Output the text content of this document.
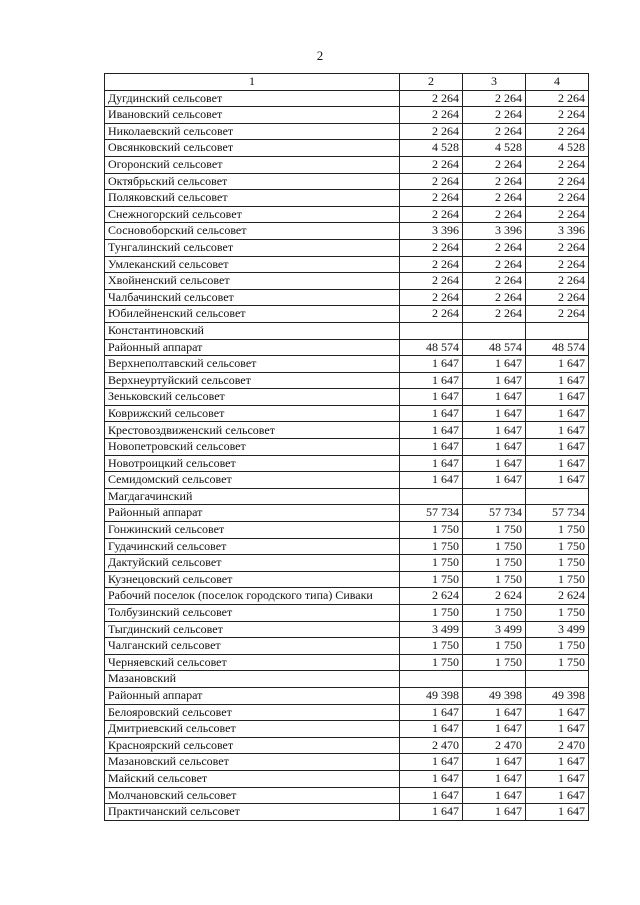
2
1	2	3	4
Дугдинский сельсовет	2 264	2 264	2 264
Ивановский сельсовет	2 264	2 264	2 264
Николаевский сельсовет	2 264	2 264	2 264
Овсянковский сельсовет	4 528	4 528	4 528
Огоронский сельсовет	2 264	2 264	2 264
Октябрьский сельсовет	2 264	2 264	2 264
Поляковский сельсовет	2 264	2 264	2 264
Снежногорский сельсовет	2 264	2 264	2 264
Сосновоборский сельсовет	3 396	3 396	3 396
Тунгалинский сельсовет	2 264	2 264	2 264
Умлеканский сельсовет	2 264	2 264	2 264
Хвойненский сельсовет	2 264	2 264	2 264
Чалбачинский сельсовет	2 264	2 264	2 264
Юбилейненский сельсовет	2 264	2 264	2 264
Константиновский			
Районный аппарат	48 574	48 574	48 574
Верхнеполтавский сельсовет	1 647	1 647	1 647
Верхнеуртуйский сельсовет	1 647	1 647	1 647
Зеньковский сельсовет	1 647	1 647	1 647
Коврижский сельсовет	1 647	1 647	1 647
Крестовоздвиженский сельсовет	1 647	1 647	1 647
Новопетровский сельсовет	1 647	1 647	1 647
Новотроицкий сельсовет	1 647	1 647	1 647
Семидомский сельсовет	1 647	1 647	1 647
Магдагачинский			
Районный аппарат	57 734	57 734	57 734
Гонжинский сельсовет	1 750	1 750	1 750
Гудачинский сельсовет	1 750	1 750	1 750
Дактуйский сельсовет	1 750	1 750	1 750
Кузнецовский сельсовет	1 750	1 750	1 750
Рабочий поселок (поселок городского типа) Сиваки	2 624	2 624	2 624
Толбузинский сельсовет	1 750	1 750	1 750
Тыгдинский сельсовет	3 499	3 499	3 499
Чалганский сельсовет	1 750	1 750	1 750
Черняевский сельсовет	1 750	1 750	1 750
Мазановский			
Районный аппарат	49 398	49 398	49 398
Белояровский сельсовет	1 647	1 647	1 647
Дмитриевский сельсовет	1 647	1 647	1 647
Красноярский сельсовет	2 470	2 470	2 470
Мазановский сельсовет	1 647	1 647	1 647
Майский сельсовет	1 647	1 647	1 647
Молчановский сельсовет	1 647	1 647	1 647
Практичанский сельсовет	1 647	1 647	1 647
